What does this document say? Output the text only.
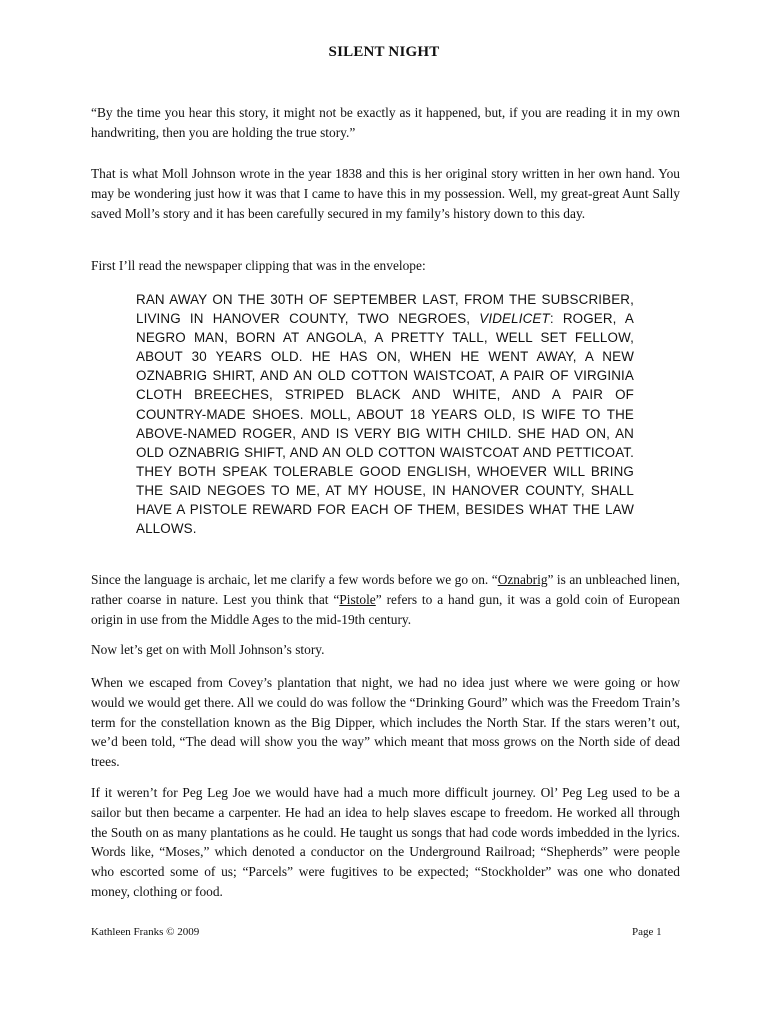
SILENT NIGHT
“By the time you hear this story, it might not be exactly as it happened, but, if you are reading it in my own handwriting, then you are holding the true story.”
That is what Moll Johnson wrote in the year 1838 and this is her original story written in her own hand. You may be wondering just how it was that I came to have this in my possession. Well, my great-great Aunt Sally saved Moll’s story and it has been carefully secured in my family’s history down to this day.
First I’ll read the newspaper clipping that was in the envelope:
RAN AWAY ON THE 30TH OF SEPTEMBER LAST, FROM THE SUBSCRIBER, LIVING IN HANOVER COUNTY, TWO NEGROES, VIDELICET: ROGER, A NEGRO MAN, BORN AT ANGOLA, A PRETTY TALL, WELL SET FELLOW, ABOUT 30 YEARS OLD. HE HAS ON, WHEN HE WENT AWAY, A NEW OZNABRIG SHIRT, AND AN OLD COTTON WAISTCOAT, A PAIR OF VIRGINIA CLOTH BREECHES, STRIPED BLACK AND WHITE, AND A PAIR OF COUNTRY-MADE SHOES. MOLL, ABOUT 18 YEARS OLD, IS WIFE TO THE ABOVE-NAMED ROGER, AND IS VERY BIG WITH CHILD. SHE HAD ON, AN OLD OZNABRIG SHIFT, AND AN OLD COTTON WAISTCOAT AND PETTICOAT. THEY BOTH SPEAK TOLERABLE GOOD ENGLISH, WHOEVER WILL BRING THE SAID NEGOES TO ME, AT MY HOUSE, IN HANOVER COUNTY, SHALL HAVE A PISTOLE REWARD FOR EACH OF THEM, BESIDES WHAT THE LAW ALLOWS.
Since the language is archaic, let me clarify a few words before we go on. “Oznabrig” is an unbleached linen, rather coarse in nature. Lest you think that “Pistole” refers to a hand gun, it was a gold coin of European origin in use from the Middle Ages to the mid-19th century.
Now let’s get on with Moll Johnson’s story.
When we escaped from Covey’s plantation that night, we had no idea just where we were going or how would we would get there. All we could do was follow the “Drinking Gourd” which was the Freedom Train’s term for the constellation known as the Big Dipper, which includes the North Star. If the stars weren’t out, we’d been told, “The dead will show you the way” which meant that moss grows on the North side of dead trees.
If it weren’t for Peg Leg Joe we would have had a much more difficult journey. Ol’ Peg Leg used to be a sailor but then became a carpenter. He had an idea to help slaves escape to freedom. He worked all through the South on as many plantations as he could. He taught us songs that had code words imbedded in the lyrics. Words like, “Moses,” which denoted a conductor on the Underground Railroad; “Shepherds” were people who escorted some of us; “Parcels” were fugitives to be expected; “Stockholder” was one who donated money, clothing or food.
Kathleen Franks © 2009	Page 1
